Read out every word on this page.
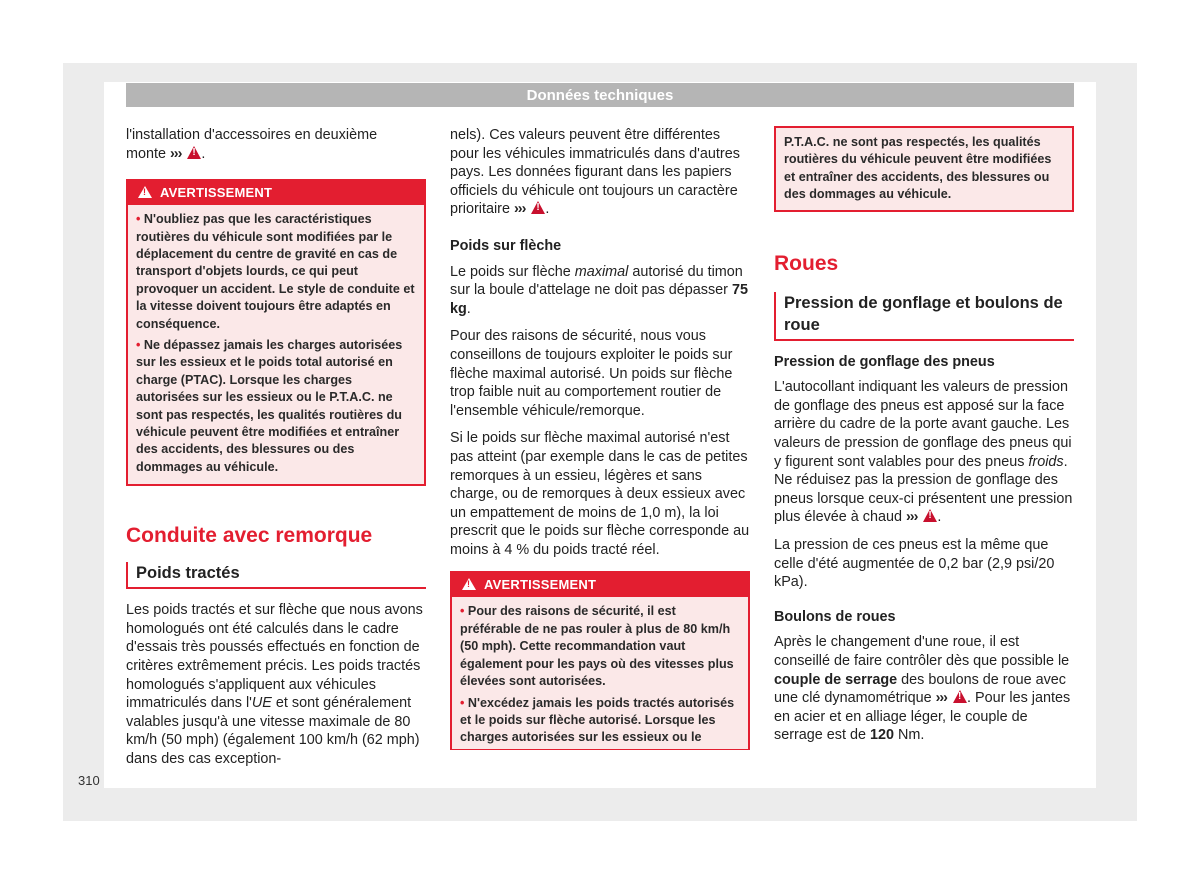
Données techniques

l'installation d'accessoires en deuxième monte ››› ! .

!AVERTISSEMENT

• N'oubliez pas que les caractéristiques routières du véhicule sont modifiées par le déplacement du centre de gravité en cas de transport d'objets lourds, ce qui peut provoquer un accident. Le style de conduite et la vitesse doivent toujours être adaptés en conséquence.

• Ne dépassez jamais les charges autorisées sur les essieux et le poids total autorisé en charge (PTAC). Lorsque les charges autorisées sur les essieux ou le P.T.A.C. ne sont pas respectés, les qualités routières du véhicule peuvent être modifiées et entraîner des accidents, des blessures ou des dommages au véhicule.

Conduite avec remorque
Poids tractés

Les poids tractés et sur flèche que nous avons homologués ont été calculés dans le cadre d'essais très poussés effectués en fonction de critères extrêmement précis. Les poids tractés homologués s'appliquent aux véhicules immatriculés dans l'UE et sont généralement valables jusqu'à une vitesse maximale de 80 km/h (50 mph) (également 100 km/h (62 mph) dans des cas exception-

nels). Ces valeurs peuvent être différentes pour les véhicules immatriculés dans d'autres pays. Les données figurant dans les papiers officiels du véhicule ont toujours un caractère prioritaire ››› ! .

Poids sur flèche

Le poids sur flèche maximal autorisé du timon sur la boule d'attelage ne doit pas dépasser 75 kg.

Pour des raisons de sécurité, nous vous conseillons de toujours exploiter le poids sur flèche maximal autorisé. Un poids sur flèche trop faible nuit au comportement routier de l'ensemble véhicule/remorque.

Si le poids sur flèche maximal autorisé n'est pas atteint (par exemple dans le cas de petites remorques à un essieu, légères et sans charge, ou de remorques à deux essieux avec un empattement de moins de 1,0 m), la loi prescrit que le poids sur flèche corresponde au moins à 4 % du poids tracté réel.

!AVERTISSEMENT

• Pour des raisons de sécurité, il est préférable de ne pas rouler à plus de 80 km/h (50 mph). Cette recommandation vaut également pour les pays où des vitesses plus élevées sont autorisées.

• N'excédez jamais les poids tractés autorisés et le poids sur flèche autorisé. Lorsque les charges autorisées sur les essieux ou le

P.T.A.C. ne sont pas respectés, les qualités routières du véhicule peuvent être modifiées et entraîner des accidents, des blessures ou des dommages au véhicule.
Roues
Pression de gonflage et boulons de roue
Pression de gonflage des pneus

L'autocollant indiquant les valeurs de pression de gonflage des pneus est apposé sur la face arrière du cadre de la porte avant gauche. Les valeurs de pression de gonflage des pneus qui y figurent sont valables pour des pneus froids. Ne réduisez pas la pression de gonflage des pneus lorsque ceux-ci présentent une pression plus élevée à chaud ››› ! .

La pression de ces pneus est la même que celle d'été augmentée de 0,2 bar (2,9 psi/20 kPa).

Boulons de roues

Après le changement d'une roue, il est conseillé de faire contrôler dès que possible le couple de serrage des boulons de roue avec une clé dynamométrique ››› ! . Pour les jantes en acier et en alliage léger, le couple de serrage est de 120 Nm.

310
